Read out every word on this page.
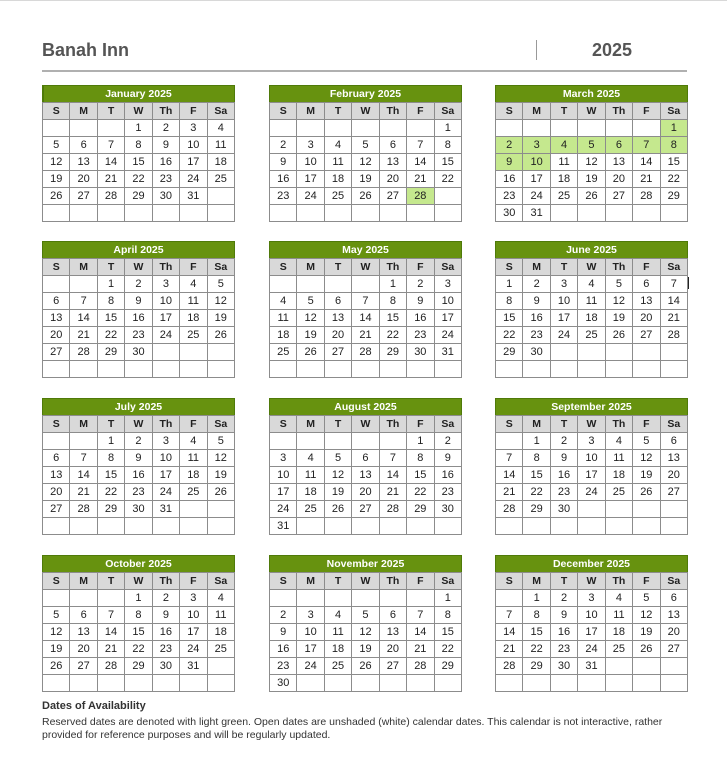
Banah Inn	2025
January 2025
S	M	T	W	Th	F	Sa
			1	2	3	4
5	6	7	8	9	10	11
12	13	14	15	16	17	18
19	20	21	22	23	24	25
26	27	28	29	30	31	

February 2025
S	M	T	W	Th	F	Sa
						1
2	3	4	5	6	7	8
9	10	11	12	13	14	15
16	17	18	19	20	21	22
23	24	25	26	27	28	

March 2025
S	M	T	W	Th	F	Sa
						1
2	3	4	5	6	7	8
9	10	11	12	13	14	15
16	17	18	19	20	21	22
23	24	25	26	27	28	29
30	31					
April 2025
S	M	T	W	Th	F	Sa
		1	2	3	4	5
6	7	8	9	10	11	12
13	14	15	16	17	18	19
20	21	22	23	24	25	26
27	28	29	30			

May 2025
S	M	T	W	Th	F	Sa
				1	2	3
4	5	6	7	8	9	10
11	12	13	14	15	16	17
18	19	20	21	22	23	24
25	26	27	28	29	30	31

June 2025
S	M	T	W	Th	F	Sa
1	2	3	4	5	6	7
8	9	10	11	12	13	14
15	16	17	18	19	20	21
22	23	24	25	26	27	28
29	30					

July 2025
S	M	T	W	Th	F	Sa
		1	2	3	4	5
6	7	8	9	10	11	12
13	14	15	16	17	18	19
20	21	22	23	24	25	26
27	28	29	30	31		

August 2025
S	M	T	W	Th	F	Sa
					1	2
3	4	5	6	7	8	9
10	11	12	13	14	15	16
17	18	19	20	21	22	23
24	25	26	27	28	29	30
31						
September 2025
S	M	T	W	Th	F	Sa
	1	2	3	4	5	6
7	8	9	10	11	12	13
14	15	16	17	18	19	20
21	22	23	24	25	26	27
28	29	30				

October 2025
S	M	T	W	Th	F	Sa
			1	2	3	4
5	6	7	8	9	10	11
12	13	14	15	16	17	18
19	20	21	22	23	24	25
26	27	28	29	30	31	

November 2025
S	M	T	W	Th	F	Sa
						1
2	3	4	5	6	7	8
9	10	11	12	13	14	15
16	17	18	19	20	21	22
23	24	25	26	27	28	29
30						
December 2025
S	M	T	W	Th	F	Sa
	1	2	3	4	5	6
7	8	9	10	11	12	13
14	15	16	17	18	19	20
21	22	23	24	25	26	27
28	29	30	31			

Dates of Availability
Reserved dates are denoted with light green. Open dates are unshaded (white) calendar dates. This calendar is not interactive, rather provided for reference purposes and will be regularly updated.
